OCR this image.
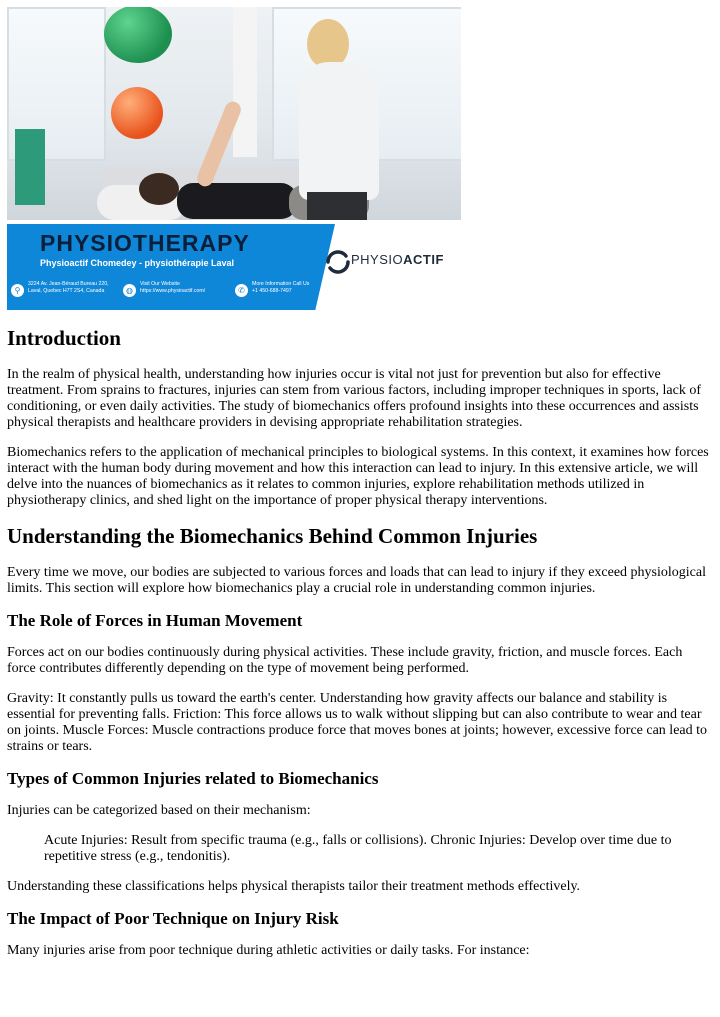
PHYSIOTHERAPY
Physioactif Chomedey - physiothérapie Laval
⚲
3224 Av. Jean-Béraud Bureau 220,
Laval, Quebec H7T 2S4, Canada	◍
Visit Our Website
https://www.physioactif.com/	✆
More Information Call Us
+1 450-688-7497
PHYSIOACTIF
Introduction

In the realm of physical health, understanding how injuries occur is vital not just for prevention but also for effective treatment. From sprains to fractures, injuries can stem from various factors, including improper techniques in sports, lack of conditioning, or even daily activities. The study of biomechanics offers profound insights into these occurrences and assists physical therapists and healthcare providers in devising appropriate rehabilitation strategies.

Biomechanics refers to the application of mechanical principles to biological systems. In this context, it examines how forces interact with the human body during movement and how this interaction can lead to injury. In this extensive article, we will delve into the nuances of biomechanics as it relates to common injuries, explore rehabilitation methods utilized in physiotherapy clinics, and shed light on the importance of proper physical therapy interventions.

Understanding the Biomechanics Behind Common Injuries

Every time we move, our bodies are subjected to various forces and loads that can lead to injury if they exceed physiological limits. This section will explore how biomechanics play a crucial role in understanding common injuries.

The Role of Forces in Human Movement

Forces act on our bodies continuously during physical activities. These include gravity, friction, and muscle forces. Each force contributes differently depending on the type of movement being performed.

Gravity: It constantly pulls us toward the earth's center. Understanding how gravity affects our balance and stability is essential for preventing falls. Friction: This force allows us to walk without slipping but can also contribute to wear and tear on joints. Muscle Forces: Muscle contractions produce force that moves bones at joints; however, excessive force can lead to strains or tears.

Types of Common Injuries related to Biomechanics

Injuries can be categorized based on their mechanism:

Acute Injuries: Result from specific trauma (e.g., falls or collisions). Chronic Injuries: Develop over time due to repetitive stress (e.g., tendonitis).

Understanding these classifications helps physical therapists tailor their treatment methods effectively.

The Impact of Poor Technique on Injury Risk

Many injuries arise from poor technique during athletic activities or daily tasks. For instance:
